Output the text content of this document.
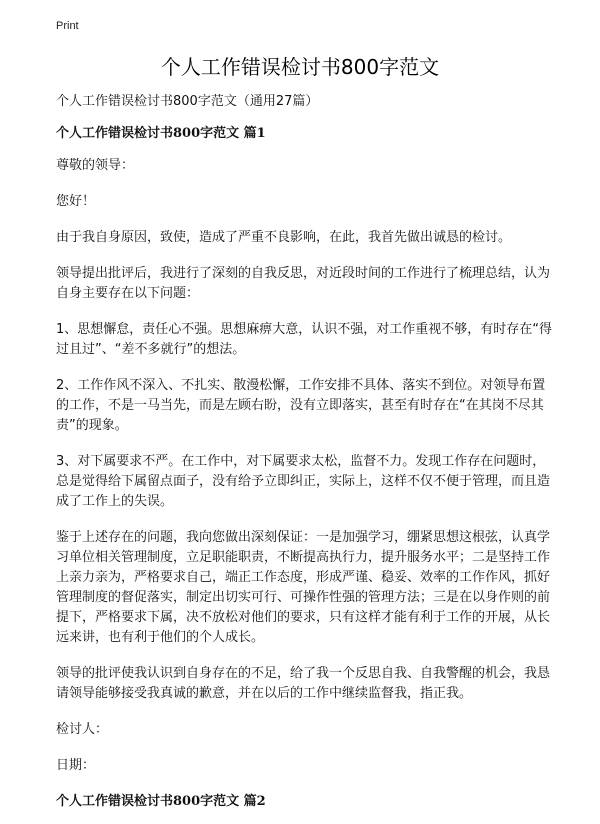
Print
个人工作错误检讨书800字范文

个人工作错误检讨书800字范文（通用27篇）

个人工作错误检讨书800字范文 篇1

尊敬的领导：

您好！

由于我自身原因，致使，造成了严重不良影响，在此，我首先做出诚恳的检讨。

领导提出批评后，我进行了深刻的自我反思，对近段时间的工作进行了梳理总结，认为自身主要存在以下问题：

1、思想懈怠，责任心不强。思想麻痹大意，认识不强，对工作重视不够，有时存在“得过且过”、“差不多就行”的想法。

2、工作作风不深入、不扎实、散漫松懈，工作安排不具体、落实不到位。对领导布置的工作，不是一马当先，而是左顾右盼，没有立即落实，甚至有时存在“在其岗不尽其责”的现象。

3、对下属要求不严。在工作中，对下属要求太松，监督不力。发现工作存在问题时，总是觉得给下属留点面子，没有给予立即纠正，实际上，这样不仅不便于管理，而且造成了工作上的失误。

鉴于上述存在的问题，我向您做出深刻保证：一是加强学习，绷紧思想这根弦，认真学习单位相关管理制度，立足职能职责，不断提高执行力，提升服务水平；二是坚持工作上亲力亲为，严格要求自己，端正工作态度，形成严谨、稳妥、效率的工作作风，抓好管理制度的督促落实，制定出切实可行、可操作性强的管理方法；三是在以身作则的前提下，严格要求下属，决不放松对他们的要求，只有这样才能有利于工作的开展，从长远来讲，也有利于他们的个人成长。

领导的批评使我认识到自身存在的不足，给了我一个反思自我、自我警醒的机会，我恳请领导能够接受我真诚的歉意，并在以后的工作中继续监督我，指正我。

检讨人：

日期：

个人工作错误检讨书800字范文 篇2
